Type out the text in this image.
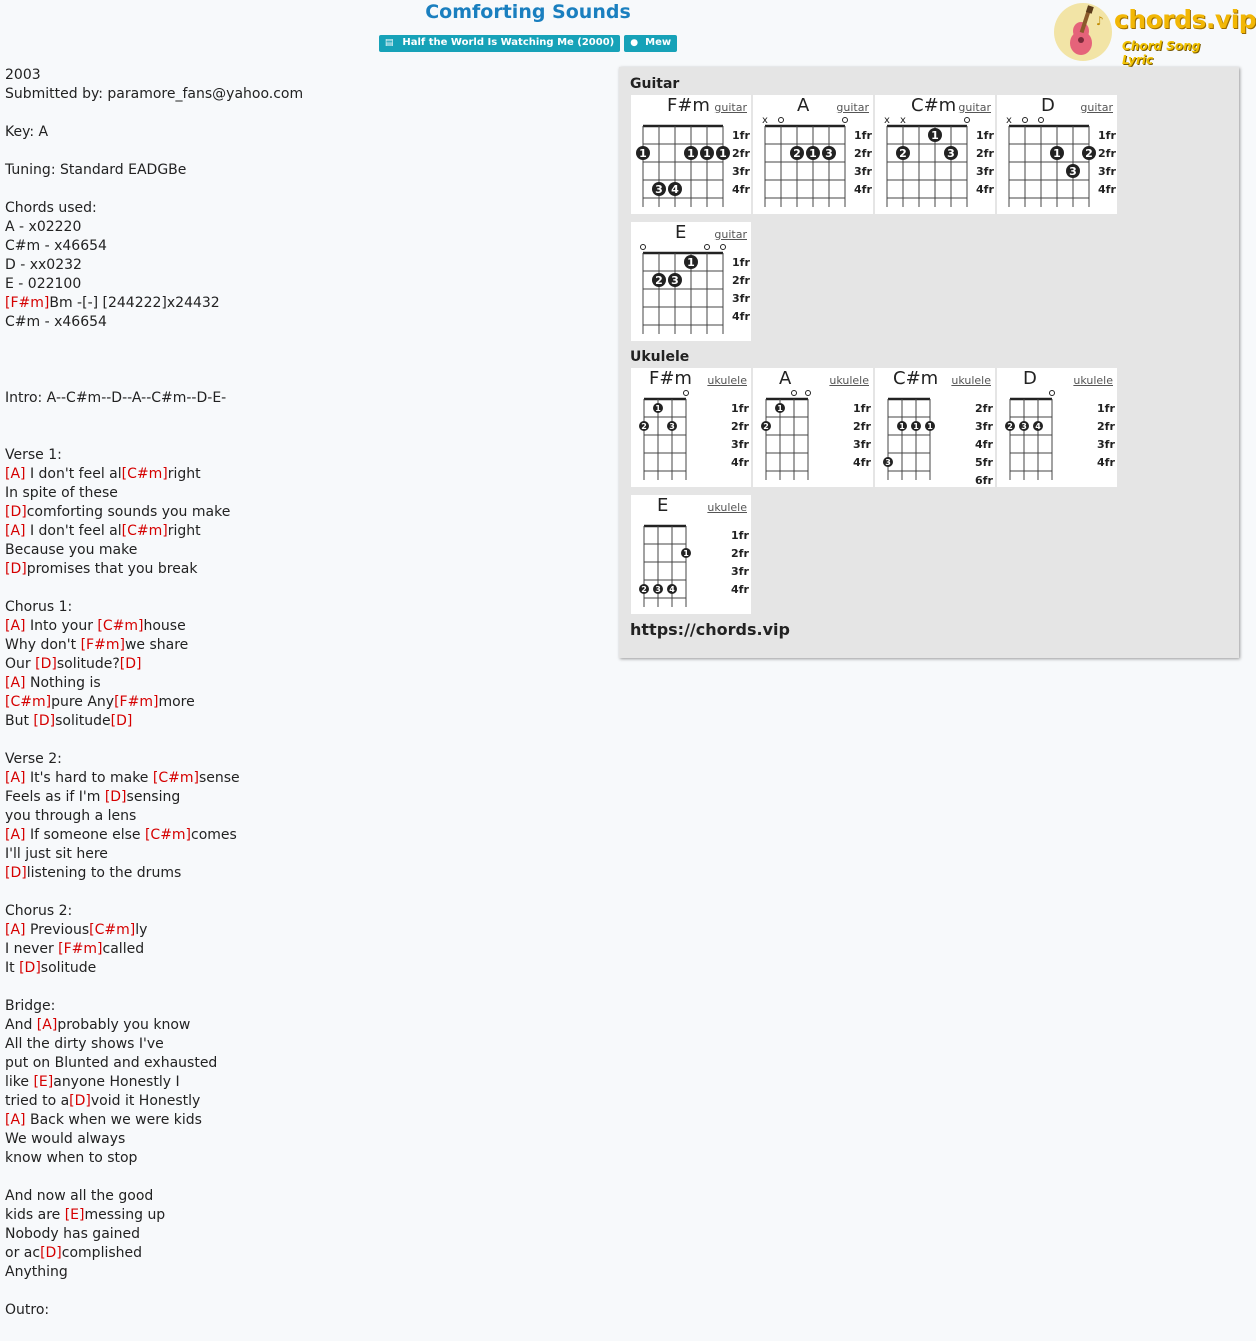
Comforting Sounds
▤ Half the World Is Watching Me (2000) ● Mew
♪ chords.vip
Chord Song Lyric
2003
Submitted by: paramore_fans@yahoo.com
Key: A
Tuning: Standard EADGBe
Chords used:
A - x02220
C#m - x46654
D - xx0232
E - 022100
[F#m]Bm -[-] [244222]x24432
C#m - x46654
Intro: A--C#m--D--A--C#m--D-E-
Verse 1:
[A] I don't feel al[C#m]right
In spite of these
[D]comforting sounds you make
[A] I don't feel al[C#m]right
Because you make
[D]promises that you break
Chorus 1:
[A] Into your [C#m]house
Why don't [F#m]we share
Our [D]solitude?[D]
[A] Nothing is
[C#m]pure Any[F#m]more
But [D]solitude[D]
Verse 2:
[A] It's hard to make [C#m]sense
Feels as if I'm [D]sensing
you through a lens
[A] If someone else [C#m]comes
I'll just sit here
[D]listening to the drums
Chorus 2:
[A] Previous[C#m]ly
I never [F#m]called
It [D]solitude
Bridge:
And [A]probably you know
All the dirty shows I've
put on Blunted and exhausted
like [E]anyone Honestly I
tried to a[D]void it Honestly
[A] Back when we were kids
We would always
know when to stop
And now all the good
kids are [E]messing up
Nobody has gained
or ac[D]complished
Anything
Outro:
Guitar
Ukulele
1fr
2fr
3fr
4fr
1	1 1 1
3 4
F#m guitar
1fr
2fr
3fr
4fr
x
2 1 3
A guitar
1fr
2fr
3fr
4fr
x x
1
2	3
C#m guitar
1fr
2fr
3fr
4fr
x
1 2
3
D guitar
1fr
2fr
3fr
4fr
1
2 3
E	guitar
1fr
2fr
3fr
4fr
1
2	3
F#m ukulele
1fr
2fr
3fr
4fr
1
2
A	ukulele
2fr
3fr
4fr
5fr
6fr
1 1 1
3
C#m ukulele
1fr
2fr
3fr
4fr
2 3 4
D	ukulele
1fr
2fr
3fr
4fr
1
2 3 4
E	ukulele
https://chords.vip
